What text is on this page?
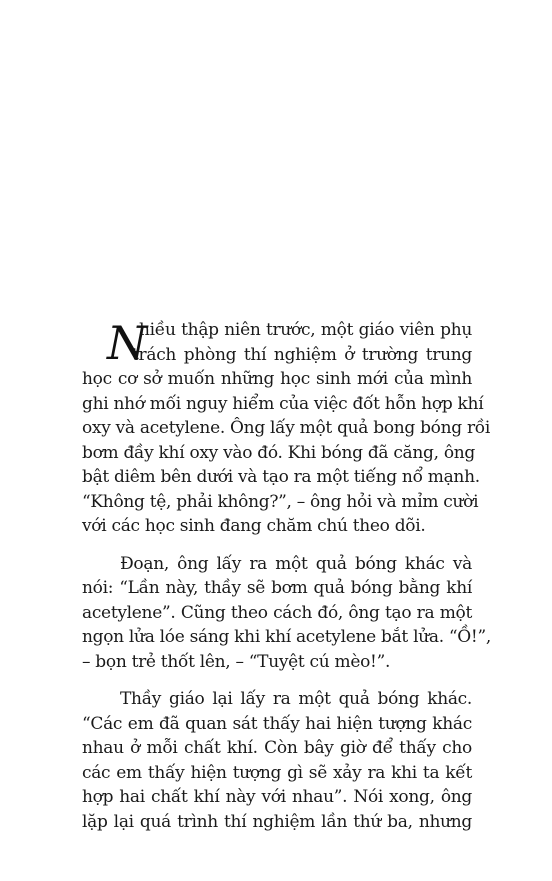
N
hiều thập niên trước, một giáo viên phụ
trách phòng thí nghiệm ở trường trung
học cơ sở muốn những học sinh mới của mình
ghi nhớ mối nguy hiểm của việc đốt hỗn hợp khí
oxy và acetylene. Ông lấy một quả bong bóng rồi
bơm đầy khí oxy vào đó. Khi bóng đã căng, ông
bật diêm bên dưới và tạo ra một tiếng nổ mạnh.
“Không tệ, phải không?”, – ông hỏi và mỉm cười
với các học sinh đang chăm chú theo dõi.
Đoạn, ông lấy ra một quả bóng khác và
nói: “Lần này, thầy sẽ bơm quả bóng bằng khí
acetylene”. Cũng theo cách đó, ông tạo ra một
ngọn lửa lóe sáng khi khí acetylene bắt lửa. “Ồ!”,
– bọn trẻ thốt lên, – “Tuyệt cú mèo!”.
Thầy giáo lại lấy ra một quả bóng khác.
“Các em đã quan sát thấy hai hiện tượng khác
nhau ở mỗi chất khí. Còn bây giờ để thấy cho
các em thấy hiện tượng gì sẽ xảy ra khi ta kết
hợp hai chất khí này với nhau”. Nói xong, ông
lặp lại quá trình thí nghiệm lần thứ ba, nhưng
